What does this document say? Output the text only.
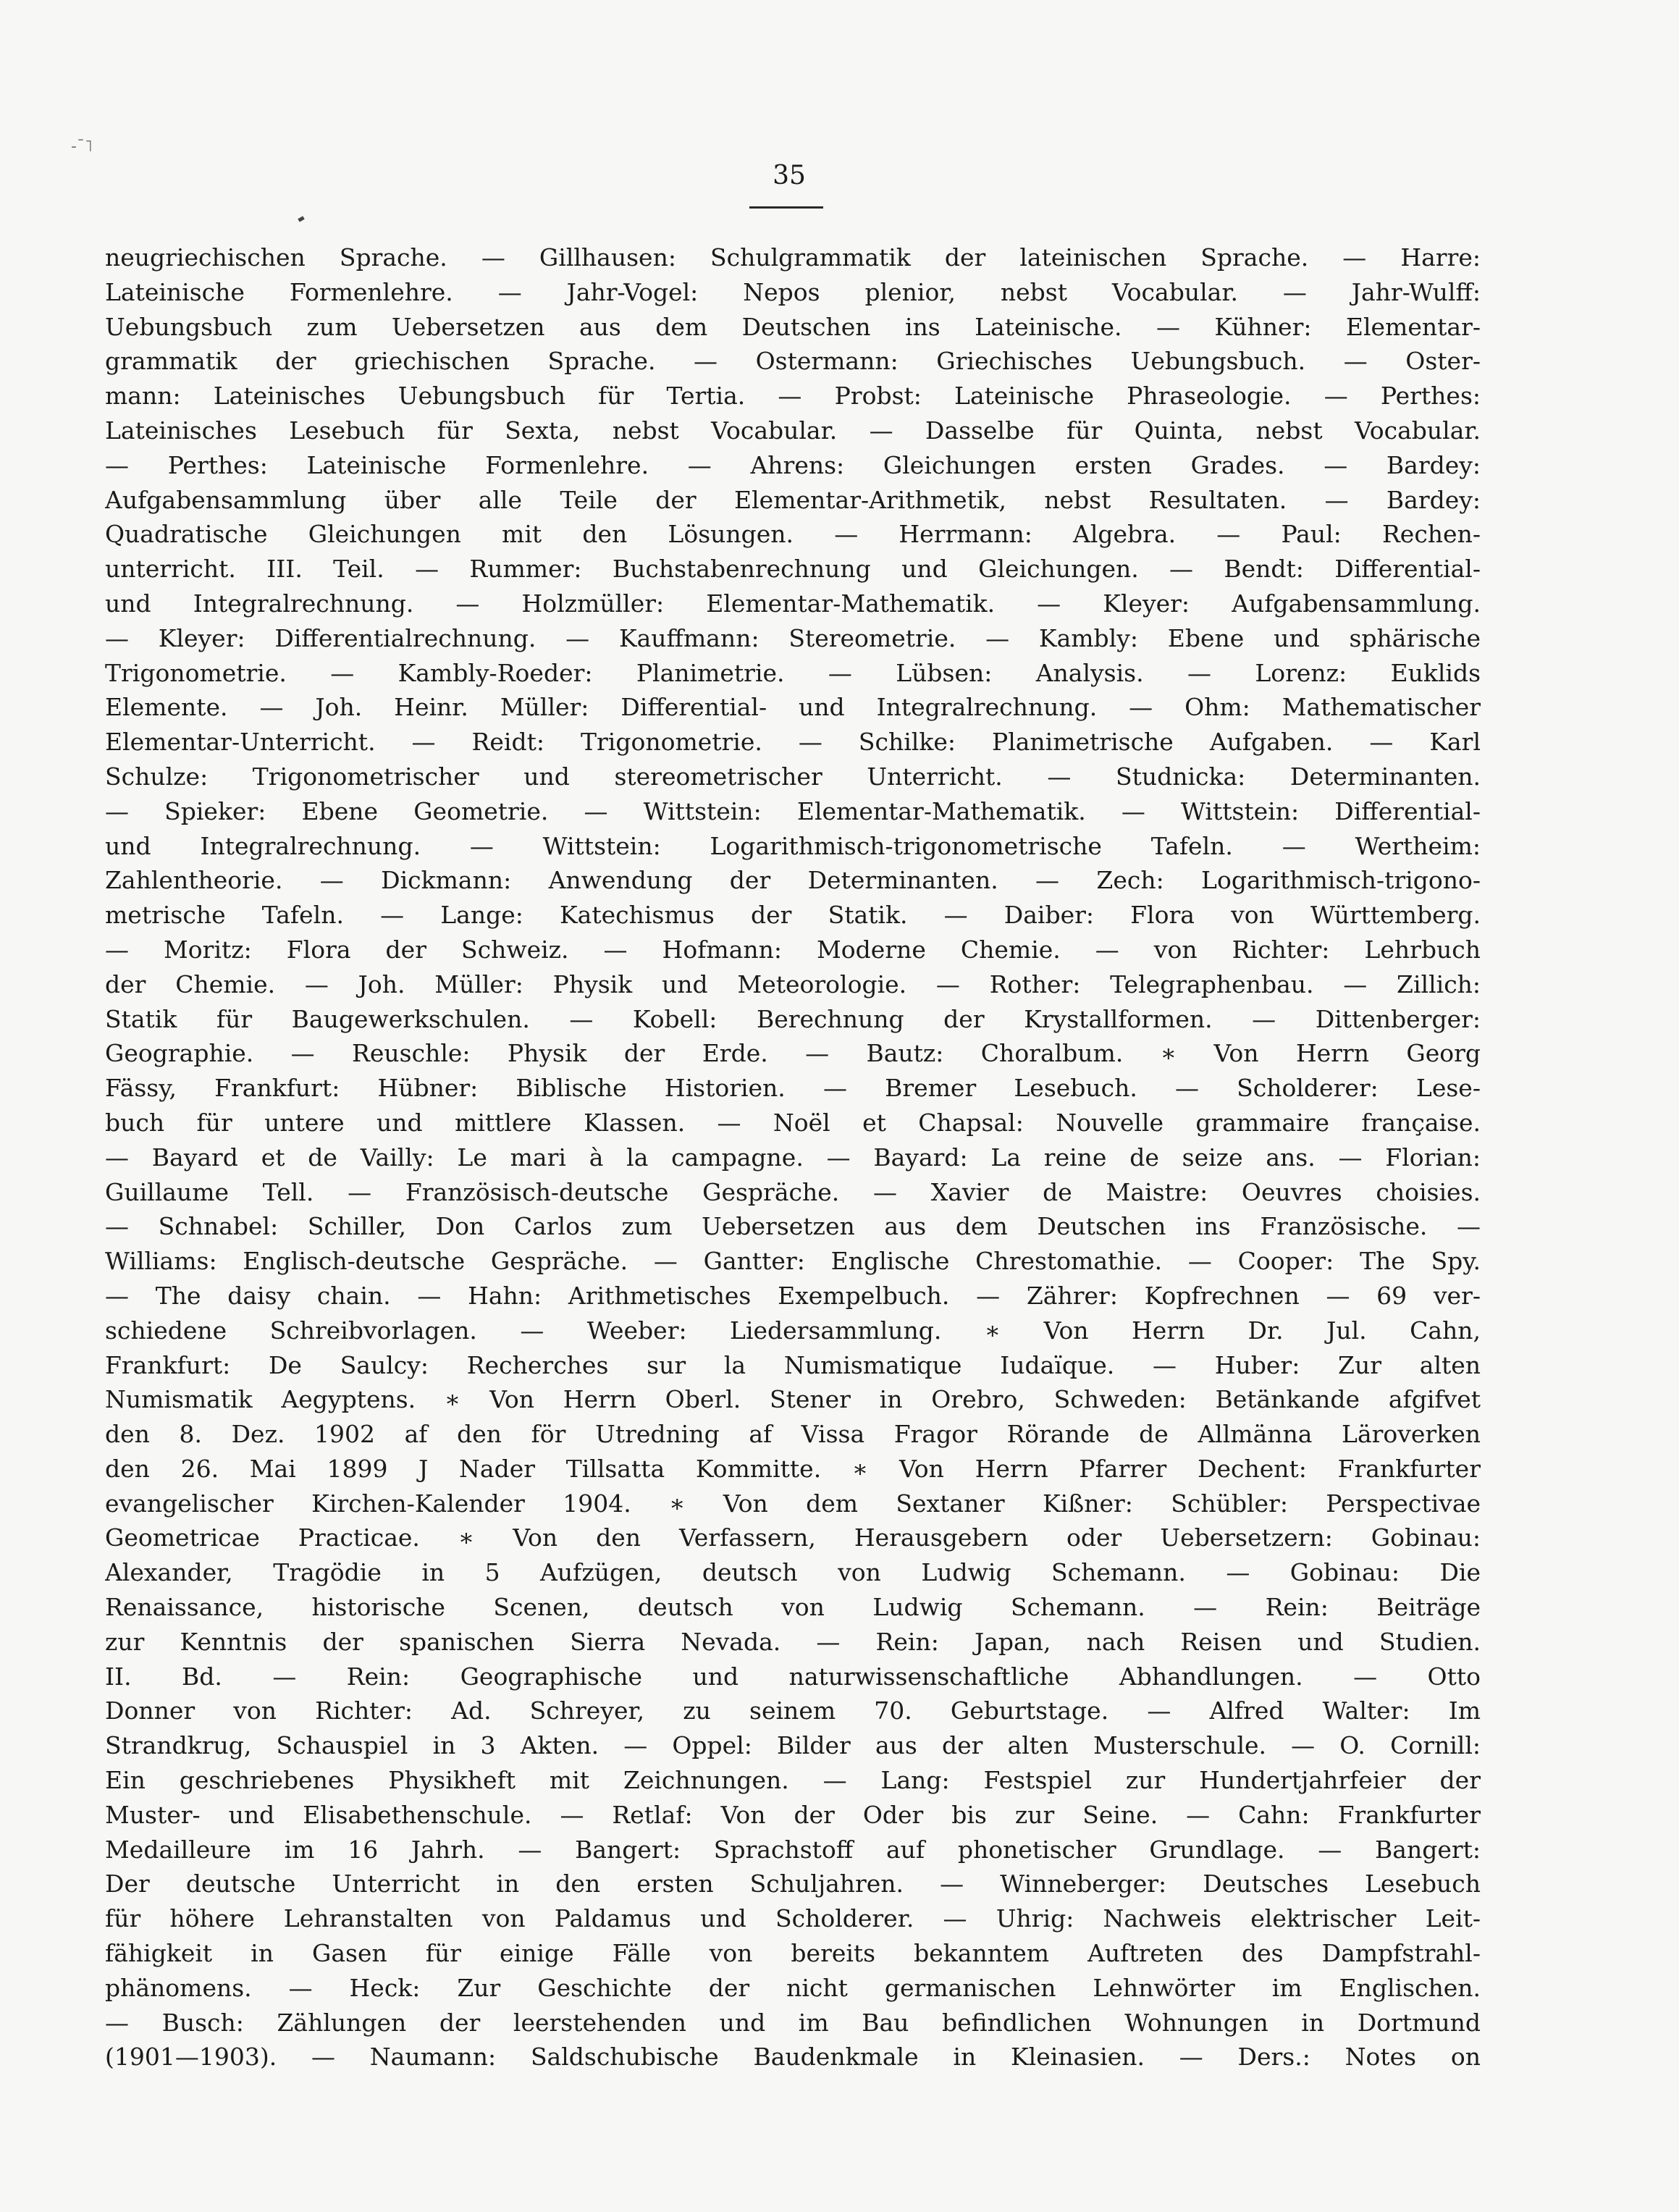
-ˉ˥
35
neugriechischen Sprache. — Gillhausen: Schulgrammatik der lateinischen Sprache. — Harre:
Lateinische Formenlehre. — Jahr-Vogel: Nepos plenior, nebst Vocabular. — Jahr-Wulff:
Uebungsbuch zum Uebersetzen aus dem Deutschen ins Lateinische. — Kühner: Elementar-
grammatik der griechischen Sprache. — Ostermann: Griechisches Uebungsbuch. — Oster-
mann: Lateinisches Uebungsbuch für Tertia. — Probst: Lateinische Phraseologie. — Perthes:
Lateinisches Lesebuch für Sexta, nebst Vocabular. — Dasselbe für Quinta, nebst Vocabular.
— Perthes: Lateinische Formenlehre. — Ahrens: Gleichungen ersten Grades. — Bardey:
Aufgabensammlung über alle Teile der Elementar-Arithmetik, nebst Resultaten. — Bardey:
Quadratische Gleichungen mit den Lösungen. — Herrmann: Algebra. — Paul: Rechen-
unterricht. III. Teil. — Rummer: Buchstabenrechnung und Gleichungen. — Bendt: Differential-
und Integralrechnung. — Holzmüller: Elementar-Mathematik. — Kleyer: Aufgabensammlung.
— Kleyer: Differentialrechnung. — Kauffmann: Stereometrie. — Kambly: Ebene und sphärische
Trigonometrie. — Kambly-Roeder: Planimetrie. — Lübsen: Analysis. — Lorenz: Euklids
Elemente. — Joh. Heinr. Müller: Differential- und Integralrechnung. — Ohm: Mathematischer
Elementar-Unterricht. — Reidt: Trigonometrie. — Schilke: Planimetrische Aufgaben. — Karl
Schulze: Trigonometrischer und stereometrischer Unterricht. — Studnicka: Determinanten.
— Spieker: Ebene Geometrie. — Wittstein: Elementar-Mathematik. — Wittstein: Differential-
und Integralrechnung. — Wittstein: Logarithmisch-trigonometrische Tafeln. — Wertheim:
Zahlentheorie. — Dickmann: Anwendung der Determinanten. — Zech: Logarithmisch-trigono-
metrische Tafeln. — Lange: Katechismus der Statik. — Daiber: Flora von Württemberg.
— Moritz: Flora der Schweiz. — Hofmann: Moderne Chemie. — von Richter: Lehrbuch
der Chemie. — Joh. Müller: Physik und Meteorologie. — Rother: Telegraphenbau. — Zillich:
Statik für Baugewerkschulen. — Kobell: Berechnung der Krystallformen. — Dittenberger:
Geographie. — Reuschle: Physik der Erde. — Bautz: Choralbum. ∗ Von Herrn Georg
Fässy, Frankfurt: Hübner: Biblische Historien. — Bremer Lesebuch. — Scholderer: Lese-
buch für untere und mittlere Klassen. — Noël et Chapsal: Nouvelle grammaire française.
— Bayard et de Vailly: Le mari à la campagne. — Bayard: La reine de seize ans. — Florian:
Guillaume Tell. — Französisch-deutsche Gespräche. — Xavier de Maistre: Oeuvres choisies.
— Schnabel: Schiller, Don Carlos zum Uebersetzen aus dem Deutschen ins Französische. —
Williams: Englisch-deutsche Gespräche. — Gantter: Englische Chrestomathie. — Cooper: The Spy.
— The daisy chain. — Hahn: Arithmetisches Exempelbuch. — Zährer: Kopfrechnen — 69 ver-
schiedene Schreibvorlagen. — Weeber: Liedersammlung. ∗ Von Herrn Dr. Jul. Cahn,
Frankfurt: De Saulcy: Recherches sur la Numismatique Iudaïque. — Huber: Zur alten
Numismatik Aegyptens. ∗ Von Herrn Oberl. Stener in Orebro, Schweden: Betänkande afgifvet
den 8. Dez. 1902 af den för Utredning af Vissa Fragor Rörande de Allmänna Läroverken
den 26. Mai 1899 J Nader Tillsatta Kommitte. ∗ Von Herrn Pfarrer Dechent: Frankfurter
evangelischer Kirchen-Kalender 1904. ∗ Von dem Sextaner Kißner: Schübler: Perspectivae
Geometricae Practicae. ∗ Von den Verfassern, Herausgebern oder Uebersetzern: Gobinau:
Alexander, Tragödie in 5 Aufzügen, deutsch von Ludwig Schemann. — Gobinau: Die
Renaissance, historische Scenen, deutsch von Ludwig Schemann. — Rein: Beiträge
zur Kenntnis der spanischen Sierra Nevada. — Rein: Japan, nach Reisen und Studien.
II. Bd. — Rein: Geographische und naturwissenschaftliche Abhandlungen. — Otto
Donner von Richter: Ad. Schreyer, zu seinem 70. Geburtstage. — Alfred Walter: Im
Strandkrug, Schauspiel in 3 Akten. — Oppel: Bilder aus der alten Musterschule. — O. Cornill:
Ein geschriebenes Physikheft mit Zeichnungen. — Lang: Festspiel zur Hundertjahrfeier der
Muster- und Elisabethenschule. — Retlaf: Von der Oder bis zur Seine. — Cahn: Frankfurter
Medailleure im 16 Jahrh. — Bangert: Sprachstoff auf phonetischer Grundlage. — Bangert:
Der deutsche Unterricht in den ersten Schuljahren. — Winneberger: Deutsches Lesebuch
für höhere Lehranstalten von Paldamus und Scholderer. — Uhrig: Nachweis elektrischer Leit-
fähigkeit in Gasen für einige Fälle von bereits bekanntem Auftreten des Dampfstrahl-
phänomens. — Heck: Zur Geschichte der nicht germanischen Lehnwörter im Englischen.
— Busch: Zählungen der leerstehenden und im Bau befindlichen Wohnungen in Dortmund
(1901—1903). — Naumann: Saldschubische Baudenkmale in Kleinasien. — Ders.: Notes on
